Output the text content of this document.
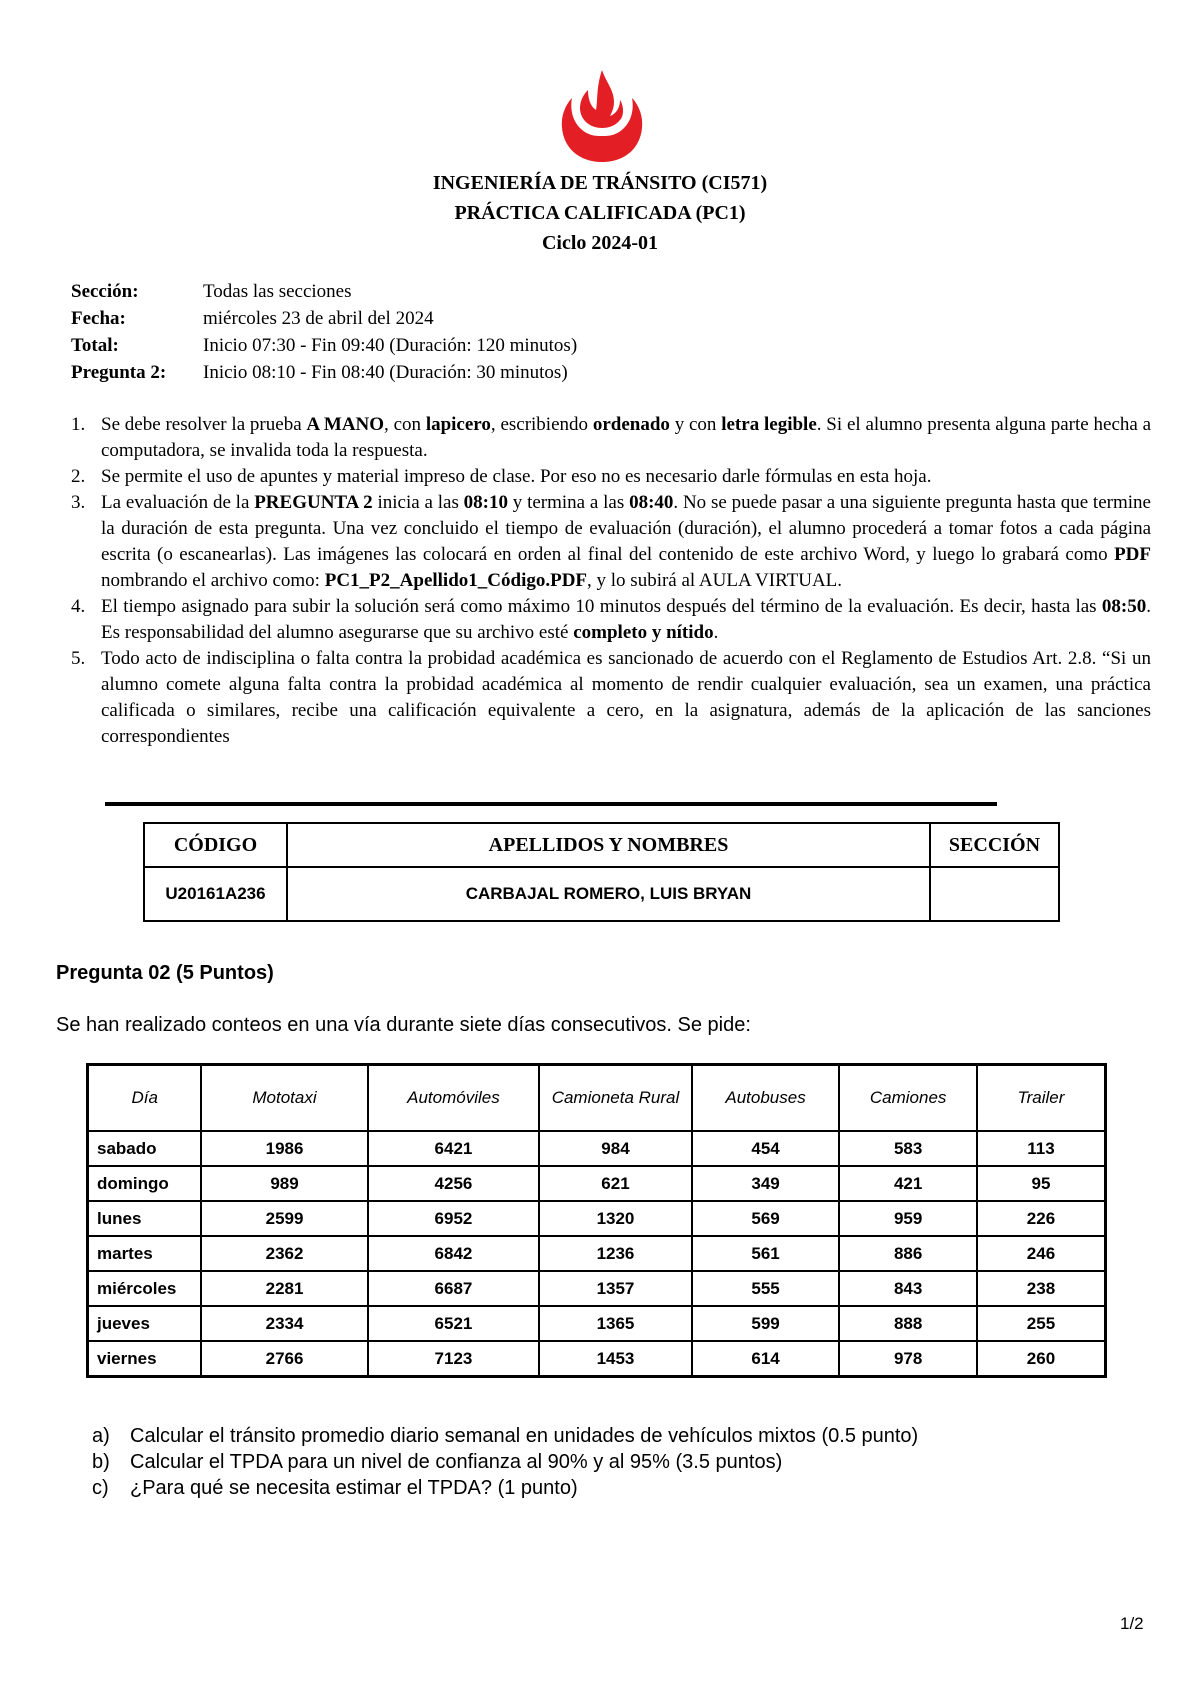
INGENIERÍA DE TRÁNSITO (CI571)
PRÁCTICA CALIFICADA (PC1)
Ciclo 2024-01
Sección:	Todas las secciones
Fecha:	miércoles 23 de abril del 2024
Total:	Inicio 07:30 - Fin 09:40 (Duración: 120 minutos)
Pregunta 2:	Inicio 08:10 - Fin 08:40 (Duración: 30 minutos)
1. Se debe resolver la prueba A MANO, con lapicero, escribiendo ordenado y con letra legible. Si el alumno presenta alguna parte hecha a computadora, se invalida toda la respuesta.
2. Se permite el uso de apuntes y material impreso de clase. Por eso no es necesario darle fórmulas en esta hoja.
3. La evaluación de la PREGUNTA 2 inicia a las 08:10 y termina a las 08:40. No se puede pasar a una siguiente pregunta hasta que termine la duración de esta pregunta. Una vez concluido el tiempo de evaluación (duración), el alumno procederá a tomar fotos a cada página escrita (o escanearlas). Las imágenes las colocará en orden al final del contenido de este archivo Word, y luego lo grabará como PDF nombrando el archivo como: PC1_P2_Apellido1_Código.PDF, y lo subirá al AULA VIRTUAL.
4. El tiempo asignado para subir la solución será como máximo 10 minutos después del término de la evaluación. Es decir, hasta las 08:50. Es responsabilidad del alumno asegurarse que su archivo esté completo y nítido.
5. Todo acto de indisciplina o falta contra la probidad académica es sancionado de acuerdo con el Reglamento de Estudios Art. 2.8. “Si un alumno comete alguna falta contra la probidad académica al momento de rendir cualquier evaluación, sea un examen, una práctica calificada o similares, recibe una calificación equivalente a cero, en la asignatura, además de la aplicación de las sanciones correspondientes
CÓDIGO	APELLIDOS Y NOMBRES	SECCIÓN
U20161A236	CARBAJAL ROMERO, LUIS BRYAN	
Pregunta 02 (5 Puntos)
Se han realizado conteos en una vía durante siete días consecutivos. Se pide:
Día	Mototaxi	Automóviles	Camioneta Rural	Autobuses	Camiones	Trailer
sabado	1986	6421	984	454	583	113
domingo	989	4256	621	349	421	95
lunes	2599	6952	1320	569	959	226
martes	2362	6842	1236	561	886	246
miércoles	2281	6687	1357	555	843	238
jueves	2334	6521	1365	599	888	255
viernes	2766	7123	1453	614	978	260
a)	Calcular el tránsito promedio diario semanal en unidades de vehículos mixtos (0.5 punto)
b)	Calcular el TPDA para un nivel de confianza al 90% y al 95% (3.5 puntos)
c)	¿Para qué se necesita estimar el TPDA? (1 punto)
1/2
